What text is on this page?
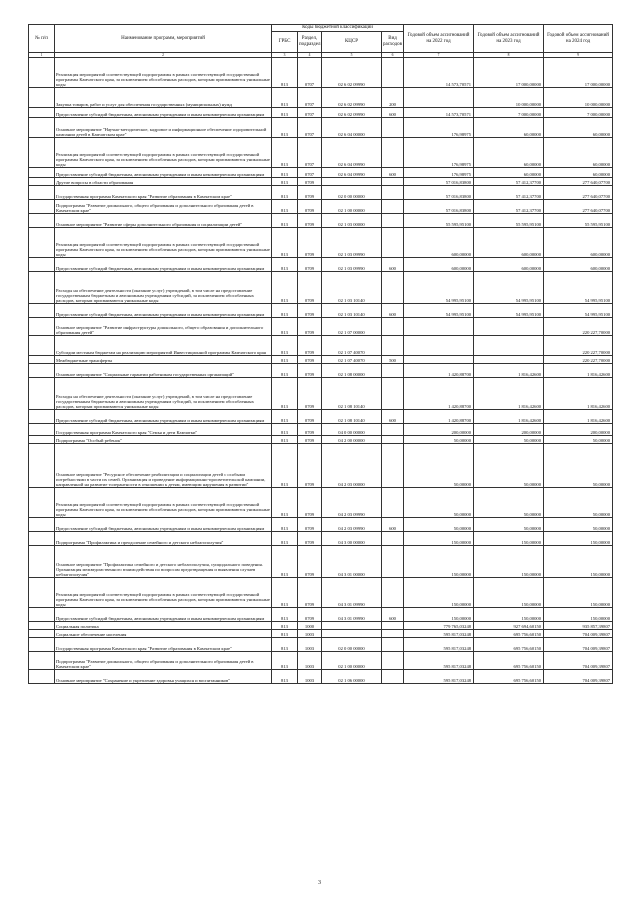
№ п/п	Наименование программ, мероприятий	Коды бюджетной классификации				Годовой объем ассигнований на 2022 год	Годовой объем ассигнований на 2023 год	Годовой объем ассигнований на 2024 год
		ГРБС	Раздел, подраздел	КЦСР	Вид расходов			
1	2	3	4	5	6	7	8	9
	Реализация мероприятий соответствующей подпрограммы в рамках соответствующей государственной программы Камчатского края, за исключением обособленных расходов, которым присваиваются уникальные коды	813	0707	02 6 02 09990		14 573,70571	17 000,00000	17 000,00000
	Закупка товаров, работ и услуг для обеспечения государственных (муниципальных) нужд	813	0707	02 6 02 09990	200		10 000,00000	10 000,00000
	Предоставление субсидий бюджетным, автономным учреждениям и иным некоммерческим организациям	813	0707	02 6 02 09990	600	14 573,70571	7 000,00000	7 000,00000
	Основное мероприятие "Научно-методическое, кадровое и информационное обеспечение оздоровительной кампании детей в Камчатском крае"	813	0707	02 6 04 00000		176,98975	60,00000	60,00000
	Реализация мероприятий соответствующей подпрограммы в рамках соответствующей государственной программы Камчатского края, за исключением обособленных расходов, которым присваиваются уникальные коды	813	0707	02 6 04 09990		176,98975	60,00000	60,00000
	Предоставление субсидий бюджетным, автономным учреждениям и иным некоммерческим организациям	813	0707	02 6 04 09990	600	176,98975	60,00000	60,00000
	Другие вопросы в области образования	813	0709			57 016,83800	57 412,37700	277 640,07700
	Государственная программа Камчатского края "Развитие образования в Камчатском крае"	813	0709	02 0 00 00000		57 016,83800	57 412,37700	277 640,07700
	Подпрограмма "Развитие дошкольного, общего образования и дополнительного образования детей в Камчатском крае"	813	0709	02 1 00 00000		57 016,83800	57 412,37700	277 640,07700
	Основное мероприятие "Развитие сферы дополнительного образования и социализации детей"	813	0709	02 1 03 00000		55 595,95100	55 595,95100	55 595,95100
	Реализация мероприятий соответствующей подпрограммы в рамках соответствующей государственной программы Камчатского края, за исключением обособленных расходов, которым присваиваются уникальные коды	813	0709	02 1 03 09990		600,00000	600,00000	600,00000
	Предоставление субсидий бюджетным, автономным учреждениям и иным некоммерческим организациям	813	0709	02 1 03 09990	600	600,00000	600,00000	600,00000
	Расходы на обеспечение деятельности (оказание услуг) учреждений, в том числе на предоставление государственным бюджетным и автономным учреждениям субсидий, за исключением обособленных расходов, которым присваиваются уникальные коды	813	0709	02 1 03 10140		54 995,95100	54 995,95100	54 995,95100
	Предоставление субсидий бюджетным, автономным учреждениям и иным некоммерческим организациям	813	0709	02 1 03 10140	600	54 995,95100	54 995,95100	54 995,95100
	Основное мероприятие "Развитие инфраструктуры дошкольного, общего образования и дополнительного образования детей"	813	0709	02 1 07 00000				220 227,70000
	Субсидии местным бюджетам на реализацию мероприятий Инвестиционной программы Камчатского края	813	0709	02 1 07 40070				220 227,70000
	Межбюджетные трансферты	813	0709	02 1 07 40070	500			220 227,70000
	Основное мероприятие "Социальные гарантии работникам государственных организаций"	813	0709	02 1 08 00000		1 420,88700	1 816,42600	1 816,42600
	Расходы на обеспечение деятельности (оказание услуг) учреждений, в том числе на предоставление государственным бюджетным и автономным учреждениям субсидий, за исключением обособленных расходов, которым присваиваются уникальные коды	813	0709	02 1 08 10140		1 420,88700	1 816,42600	1 816,42600
	Предоставление субсидий бюджетным, автономным учреждениям и иным некоммерческим организациям	813	0709	02 1 08 10140	600	1 420,88700	1 816,42600	1 816,42600
	Государственная программа Камчатского края "Семья и дети Камчатки"	813	0709	04 0 00 00000		200,00000	200,00000	200,00000
	Подпрограмма "Особый ребенок"	813	0709	04 2 00 00000		50,00000	50,00000	50,00000
	Основное мероприятие "Ресурсное обеспечение реабилитации и социализации детей с особыми потребностями в части их семей. Организация и проведение информационно-просветительской кампании, направленной на развитие толерантности в отношении к детям, имеющим нарушения в развитии"	813	0709	04 2 03 00000		50,00000	50,00000	50,00000
	Реализация мероприятий соответствующей подпрограммы в рамках соответствующей государственной программы Камчатского края, за исключением обособленных расходов, которым присваиваются уникальные коды	813	0709	04 2 03 09990		50,00000	50,00000	50,00000
	Предоставление субсидий бюджетным, автономным учреждениям и иным некоммерческим организациям	813	0709	04 2 03 09990	600	50,00000	50,00000	50,00000
	Подпрограмма "Профилактика и преодоление семейного и детского неблагополучия"	813	0709	04 3 00 00000		150,00000	150,00000	150,00000
	Основное мероприятие "Профилактика семейного и детского неблагополучия, суицидального поведения. Организация межведомственного взаимодействия по вопросам предотвращения и выявления случаев неблагополучия"	813	0709	04 3 01 00000		150,00000	150,00000	150,00000
	Реализация мероприятий соответствующей подпрограммы в рамках соответствующей государственной программы Камчатского края, за исключением обособленных расходов, которым присваиваются уникальные коды	813	0709	04 3 01 09990		150,00000	150,00000	150,00000
	Предоставление субсидий бюджетным, автономным учреждениям и иным некоммерческим организациям	813	0709	04 3 01 09990	600	150,00000	150,00000	150,00000
	Социальная политика	813	1000			779 765,03248	927 694,60150	935 857,39807
	Социальное обеспечение населения	813	1003			595 817,03248	695 756,60150	704 009,39807
	Государственная программа Камчатского края "Развитие образования в Камчатском крае"	813	1003	02 0 00 00000		595 817,03248	695 756,60150	704 009,39807
	Подпрограмма "Развитие дошкольного, общего образования и дополнительного образования детей в Камчатском крае"	813	1003	02 1 00 00000		595 817,03248	695 756,60150	704 009,39807
	Основное мероприятие "Сохранение и укрепление здоровья учащихся и воспитанников"	813	1003	02 1 06 00000		595 817,03248	695 756,60150	704 009,39807
3
